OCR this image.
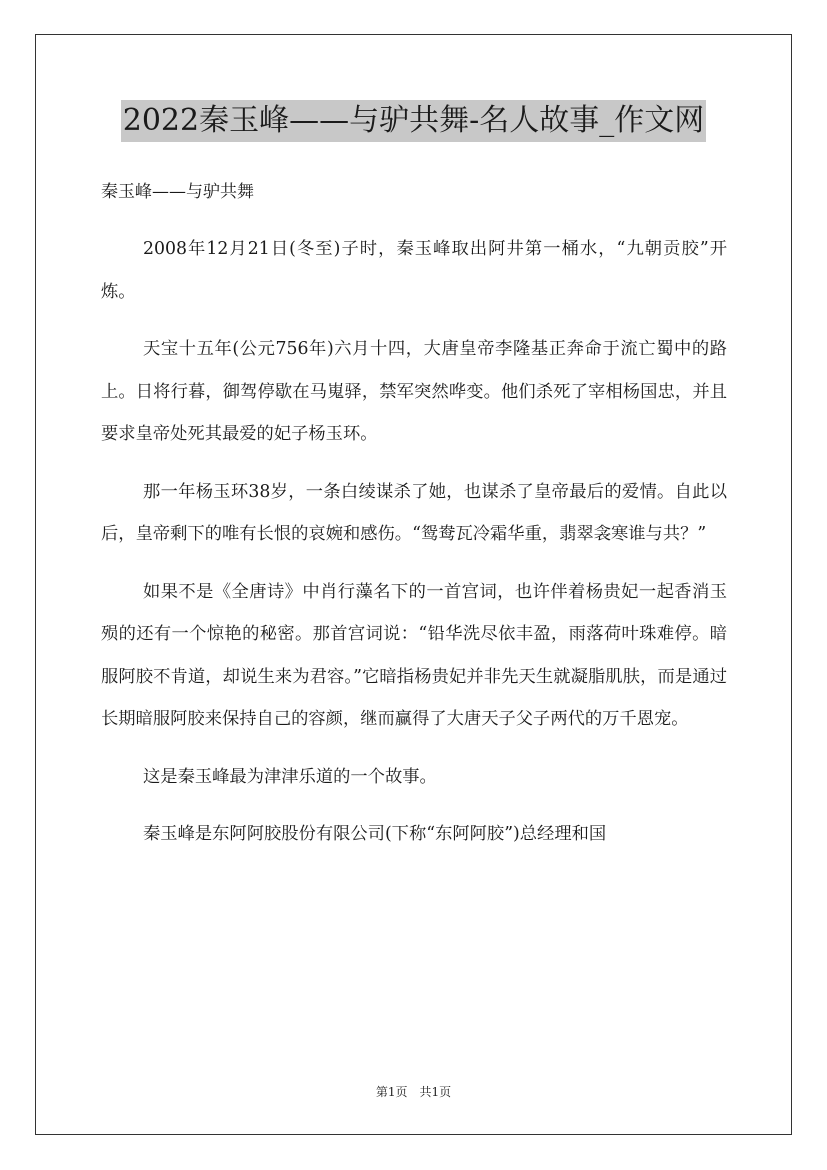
2022秦玉峰——与驴共舞-名人故事_作文网

秦玉峰——与驴共舞

2008年12月21日(冬至)子时，秦玉峰取出阿井第一桶水，“九朝贡胶”开炼。

天宝十五年(公元756年)六月十四，大唐皇帝李隆基正奔命于流亡蜀中的路上。日将行暮，御驾停歇在马嵬驿，禁军突然哗变。他们杀死了宰相杨国忠，并且要求皇帝处死其最爱的妃子杨玉环。

那一年杨玉环38岁，一条白绫谋杀了她，也谋杀了皇帝最后的爱情。自此以后，皇帝剩下的唯有长恨的哀婉和感伤。“鸳鸯瓦冷霜华重，翡翠衾寒谁与共？”

如果不是《全唐诗》中肖行藻名下的一首宫词，也许伴着杨贵妃一起香消玉殒的还有一个惊艳的秘密。那首宫词说：“铅华洗尽依丰盈，雨落荷叶珠难停。暗服阿胶不肯道，却说生来为君容。”它暗指杨贵妃并非先天生就凝脂肌肤，而是通过长期暗服阿胶来保持自己的容颜，继而赢得了大唐天子父子两代的万千恩宠。

这是秦玉峰最为津津乐道的一个故事。

秦玉峰是东阿阿胶股份有限公司(下称“东阿阿胶”)总经理和国

第1页　共1页
